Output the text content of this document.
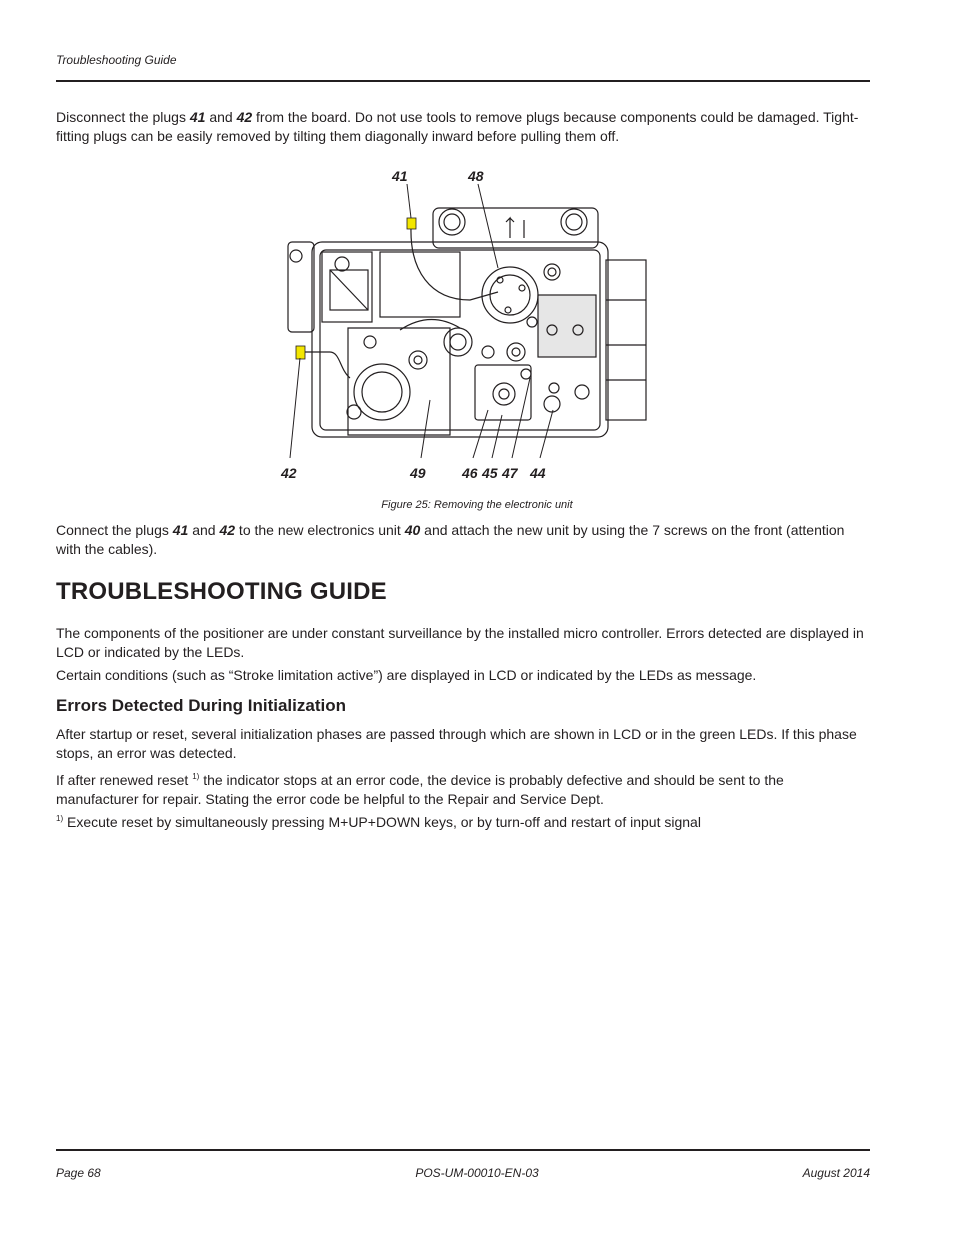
Troubleshooting Guide

Disconnect the plugs 41 and 42 from the board. Do not use tools to remove plugs because components could be damaged. Tight-fitting plugs can be easily removed by tilting them diagonally inward before pulling them off.

41	48
42	49	46 45 47 44
Figure 25: Removing the electronic unit

Connect the plugs 41 and 42 to the new electronics unit 40 and attach the new unit by using the 7 screws on the front (attention with the cables).

TROUBLESHOOTING GUIDE

The components of the positioner are under constant surveillance by the installed micro controller. Errors detected are displayed in LCD or indicated by the LEDs.

Certain conditions (such as “Stroke limitation active”) are displayed in LCD or indicated by the LEDs as message.

Errors Detected During Initialization

After startup or reset, several initialization phases are passed through which are shown in LCD or in the green LEDs. If this phase stops, an error was detected.

If after renewed reset $^{1)}$ the indicator stops at an error code, the device is probably defective and should be sent to the manufacturer for repair. Stating the error code be helpful to the Repair and Service Dept.

$^{1)}$ Execute reset by simultaneously pressing M+UP+DOWN keys, or by turn-off and restart of input signal

Page 68	POS-UM-00010-EN-03	August 2014
